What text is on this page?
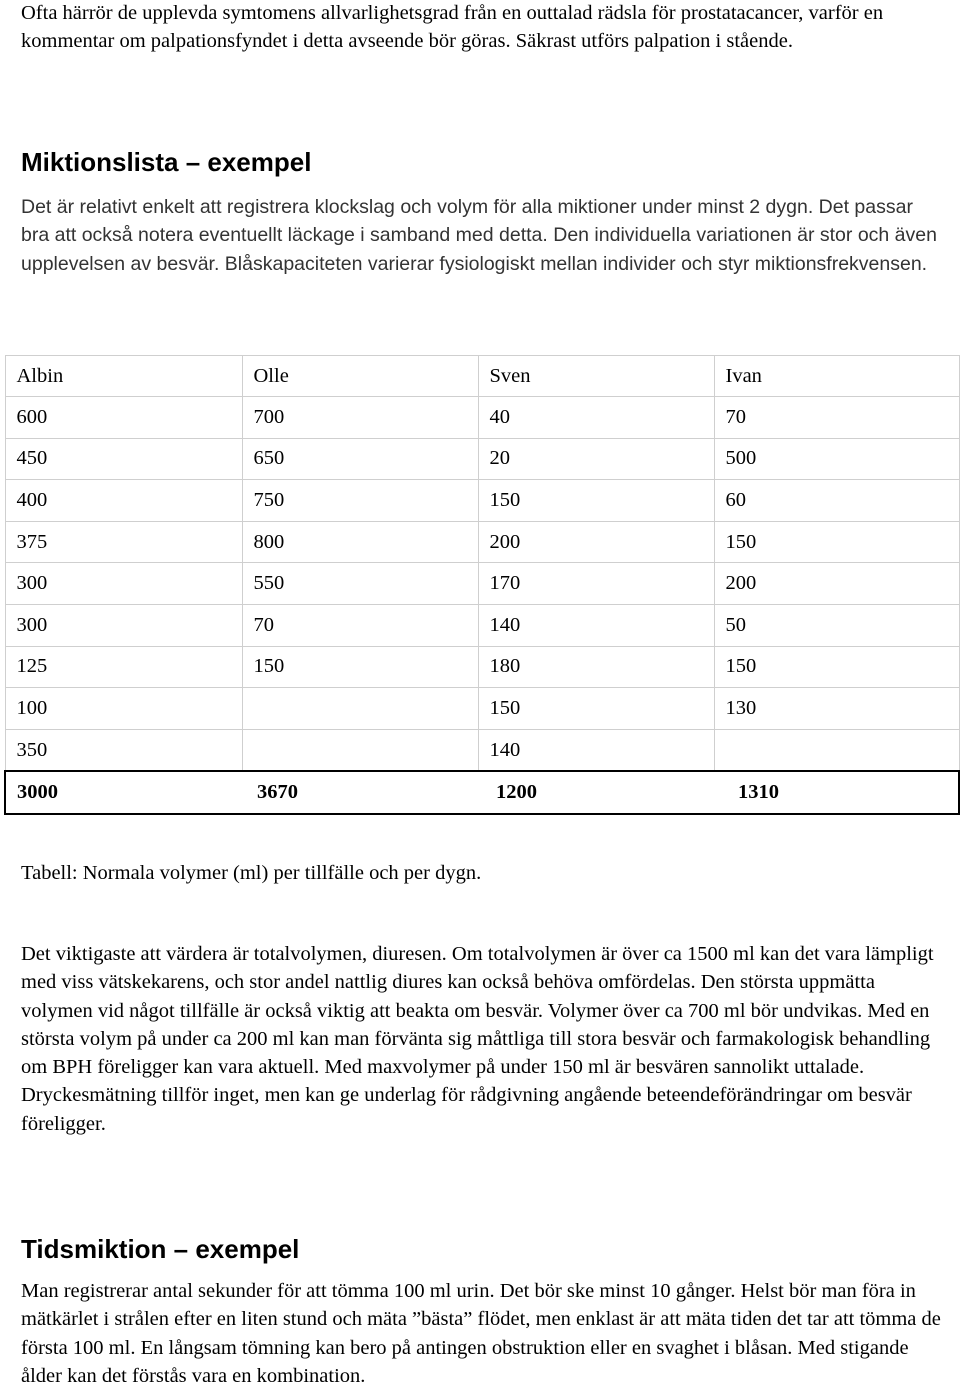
Ofta härrör de upplevda symtomens allvarlighetsgrad från en outtalad rädsla för prostatacancer, varför en kommentar om palpationsfyndet i detta avseende bör göras. Säkrast utförs palpation i stående.

Miktionslista – exempel

Det är relativt enkelt att registrera klockslag och volym för alla miktioner under minst 2 dygn. Det passar bra att också notera eventuellt läckage i samband med detta. Den individuella variationen är stor och även upplevelsen av besvär. Blåskapaciteten varierar fysiologiskt mellan individer och styr miktionsfrekvensen.

Albin	Olle	Sven	Ivan
600	700	40	70
450	650	20	500
400	750	150	60
375	800	200	150
300	550	170	200
300	70	140	50
125	150	180	150
100		150	130
350		140	
3000	3670	1200	1310

Tabell: Normala volymer (ml) per tillfälle och per dygn.

Det viktigaste att värdera är totalvolymen, diuresen. Om totalvolymen är över ca 1500 ml kan det vara lämpligt med viss vätskekarens, och stor andel nattlig diures kan också behöva omfördelas. Den största uppmätta volymen vid något tillfälle är också viktig att beakta om besvär. Volymer över ca 700 ml bör undvikas. Med en största volym på under ca 200 ml kan man förvänta sig måttliga till stora besvär och farmakologisk behandling om BPH föreligger kan vara aktuell. Med maxvolymer på under 150 ml är besvären sannolikt uttalade. Dryckesmätning tillför inget, men kan ge underlag för rådgivning angående beteendeförändringar om besvär föreligger.

Tidsmiktion – exempel

Man registrerar antal sekunder för att tömma 100 ml urin. Det bör ske minst 10 gånger. Helst bör man föra in mätkärlet i strålen efter en liten stund och mäta ”bästa” flödet, men enklast är att mäta tiden det tar att tömma de första 100 ml. En långsam tömning kan bero på antingen obstruktion eller en svaghet i blåsan. Med stigande ålder kan det förstås vara en kombination.
